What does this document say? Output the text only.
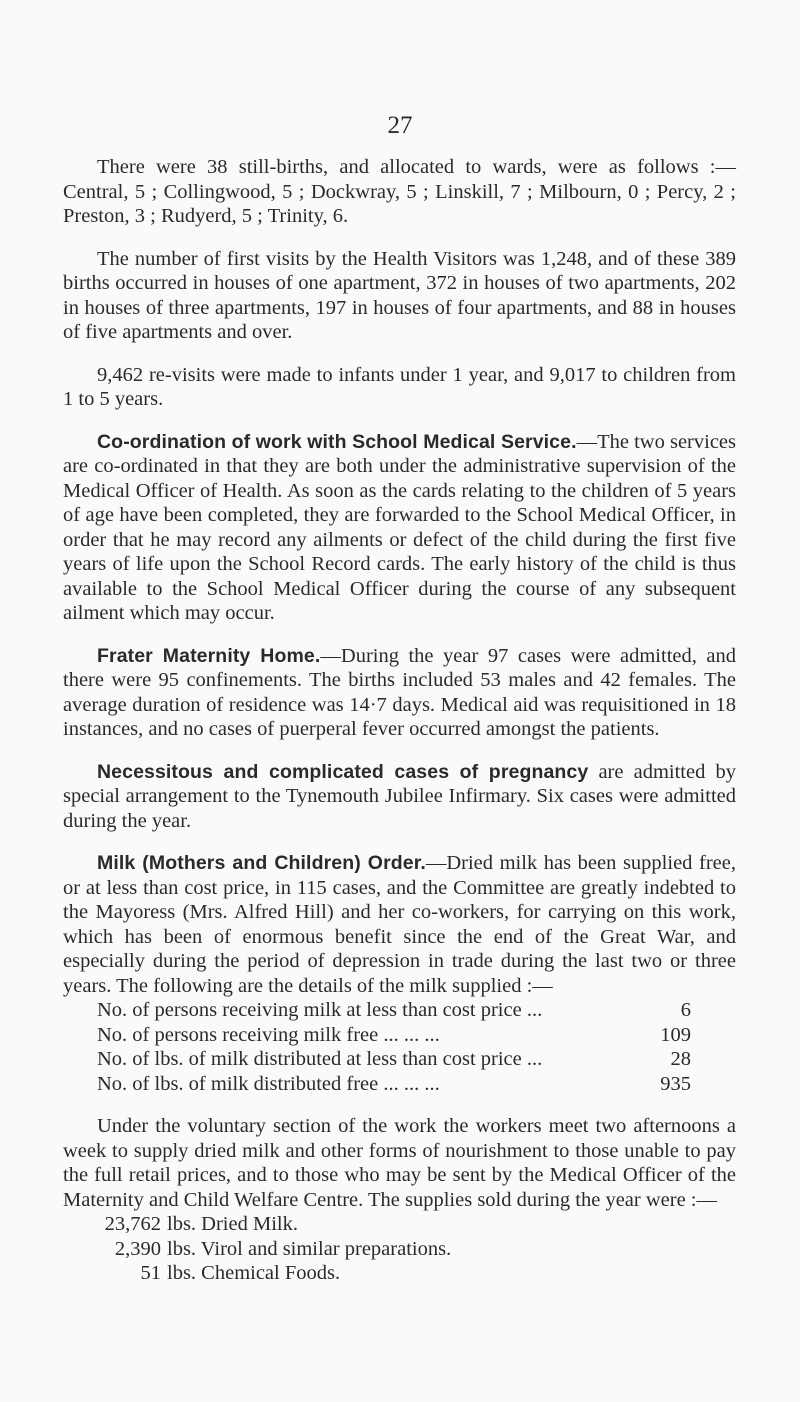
27

There were 38 still-births, and allocated to wards, were as follows :— Central, 5 ; Collingwood, 5 ; Dockwray, 5 ; Linskill, 7 ; Milbourn, 0 ; Percy, 2 ; Preston, 3 ; Rudyerd, 5 ; Trinity, 6.

The number of first visits by the Health Visitors was 1,248, and of these 389 births occurred in houses of one apartment, 372 in houses of two apartments, 202 in houses of three apartments, 197 in houses of four apartments, and 88 in houses of five apartments and over.

9,462 re-visits were made to infants under 1 year, and 9,017 to children from 1 to 5 years.

Co-ordination of work with School Medical Service.—The two services are co-ordinated in that they are both under the administrative supervision of the Medical Officer of Health. As soon as the cards relating to the children of 5 years of age have been completed, they are forwarded to the School Medical Officer, in order that he may record any ailments or defect of the child during the first five years of life upon the School Record cards. The early history of the child is thus available to the School Medical Officer during the course of any subsequent ailment which may occur.

Frater Maternity Home.—During the year 97 cases were admitted, and there were 95 confinements. The births included 53 males and 42 females. The average duration of residence was 14·7 days. Medical aid was requisitioned in 18 instances, and no cases of puerperal fever occurred amongst the patients.

Necessitous and complicated cases of pregnancy are admitted by special arrangement to the Tynemouth Jubilee Infirmary. Six cases were admitted during the year.

Milk (Mothers and Children) Order.—Dried milk has been supplied free, or at less than cost price, in 115 cases, and the Committee are greatly indebted to the Mayoress (Mrs. Alfred Hill) and her co-workers, for carrying on this work, which has been of enormous benefit since the end of the Great War, and especially during the period of depression in trade during the last two or three years. The following are the details of the milk supplied :—

No. of persons receiving milk at less than cost price ...	6
No. of persons receiving milk free ... ... ...	109
No. of lbs. of milk distributed at less than cost price ...	28
No. of lbs. of milk distributed free ... ... ...	935

Under the voluntary section of the work the workers meet two afternoons a week to supply dried milk and other forms of nourishment to those unable to pay the full retail prices, and to those who may be sent by the Medical Officer of the Maternity and Child Welfare Centre. The supplies sold during the year were :—

23,762 lbs. Dried Milk.
2,390 lbs. Virol and similar preparations.
51 lbs. Chemical Foods.
